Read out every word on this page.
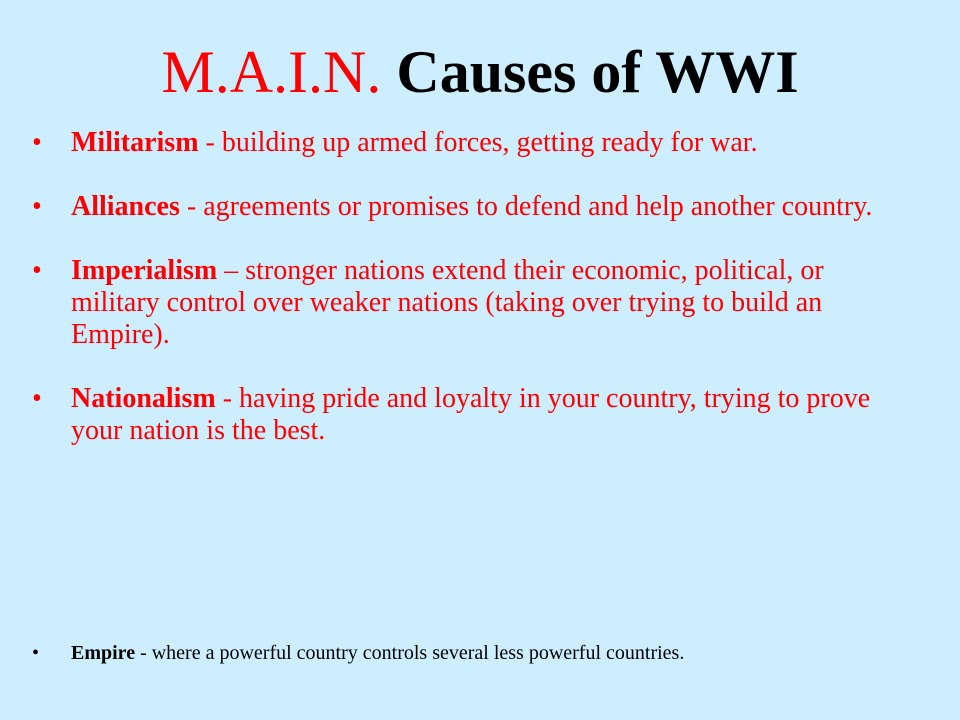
M.A.I.N. Causes of WWI
• Militarism - building up armed forces, getting ready for war.
• Alliances - agreements or promises to defend and help another country.
• Imperialism – stronger nations extend their economic, political, or military control over weaker nations (taking over trying to build an Empire).
• Nationalism - having pride and loyalty in your country, trying to prove your nation is the best.
• Empire - where a powerful country controls several less powerful countries.
